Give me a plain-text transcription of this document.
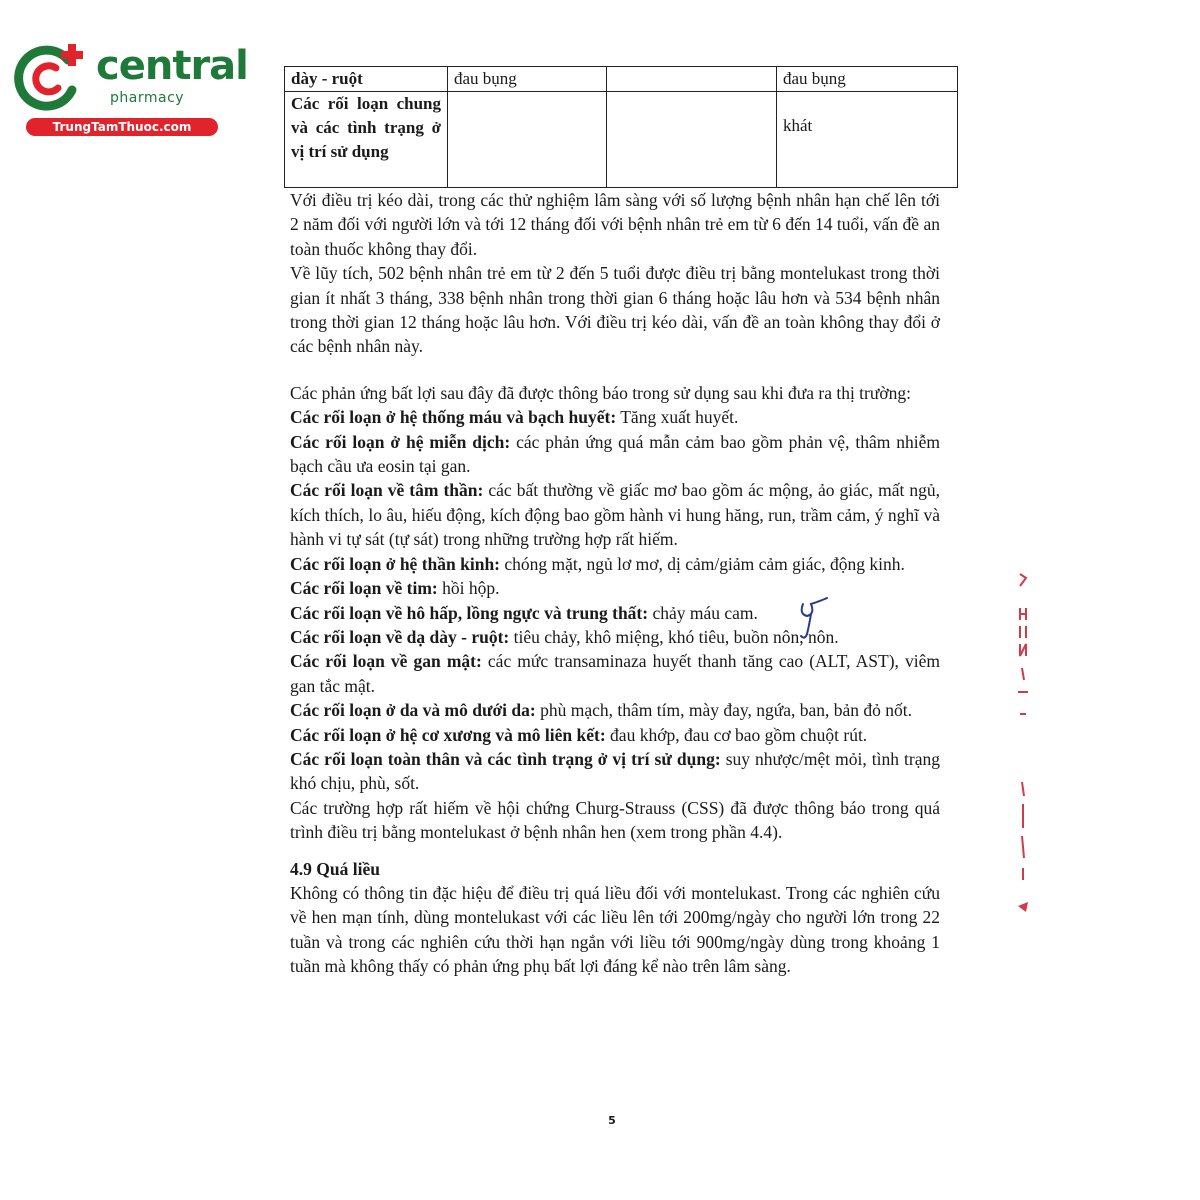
central
pharmacy
TrungTamThuoc.com
dày - ruột	đau bụng		đau bụng

Các rối loạn chung và các tình trạng ở vị trí sử dụng			khát

Với điều trị kéo dài, trong các thử nghiệm lâm sàng với số lượng bệnh nhân hạn chế lên tới 2 năm đối với người lớn và tới 12 tháng đối với bệnh nhân trẻ em từ 6 đến 14 tuổi, vấn đề an toàn thuốc không thay đổi.

Về lũy tích, 502 bệnh nhân trẻ em từ 2 đến 5 tuổi được điều trị bằng montelukast trong thời gian ít nhất 3 tháng, 338 bệnh nhân trong thời gian 6 tháng hoặc lâu hơn và 534 bệnh nhân trong thời gian 12 tháng hoặc lâu hơn. Với điều trị kéo dài, vấn đề an toàn không thay đổi ở các bệnh nhân này.

Các phản ứng bất lợi sau đây đã được thông báo trong sử dụng sau khi đưa ra thị trường:

Các rối loạn ở hệ thống máu và bạch huyết: Tăng xuất huyết.

Các rối loạn ở hệ miễn dịch: các phản ứng quá mẫn cảm bao gồm phản vệ, thâm nhiễm bạch cầu ưa eosin tại gan.

Các rối loạn về tâm thần: các bất thường về giấc mơ bao gồm ác mộng, ảo giác, mất ngủ, kích thích, lo âu, hiếu động, kích động bao gồm hành vi hung hăng, run, trầm cảm, ý nghĩ và hành vi tự sát (tự sát) trong những trường hợp rất hiếm.

Các rối loạn ở hệ thần kinh: chóng mặt, ngủ lơ mơ, dị cảm/giảm cảm giác, động kinh.

Các rối loạn về tim: hồi hộp.

Các rối loạn về hô hấp, lồng ngực và trung thất: chảy máu cam.

Các rối loạn về dạ dày - ruột: tiêu chảy, khô miệng, khó tiêu, buồn nôn, nôn.

Các rối loạn về gan mật: các mức transaminaza huyết thanh tăng cao (ALT, AST), viêm gan tắc mật.

Các rối loạn ở da và mô dưới da: phù mạch, thâm tím, mày đay, ngứa, ban, bản đỏ nốt.

Các rối loạn ở hệ cơ xương và mô liên kết: đau khớp, đau cơ bao gồm chuột rút.

Các rối loạn toàn thân và các tình trạng ở vị trí sử dụng: suy nhược/mệt mỏi, tình trạng khó chịu, phù, sốt.

Các trường hợp rất hiếm về hội chứng Churg-Strauss (CSS) đã được thông báo trong quá trình điều trị bằng montelukast ở bệnh nhân hen (xem trong phần 4.4).

4.9 Quá liều

Không có thông tin đặc hiệu để điều trị quá liều đối với montelukast. Trong các nghiên cứu về hen mạn tính, dùng montelukast với các liều lên tới 200mg/ngày cho người lớn trong 22 tuần và trong các nghiên cứu thời hạn ngắn với liều tới 900mg/ngày dùng trong khoảng 1 tuần mà không thấy có phản ứng phụ bất lợi đáng kể nào trên lâm sàng.

5
